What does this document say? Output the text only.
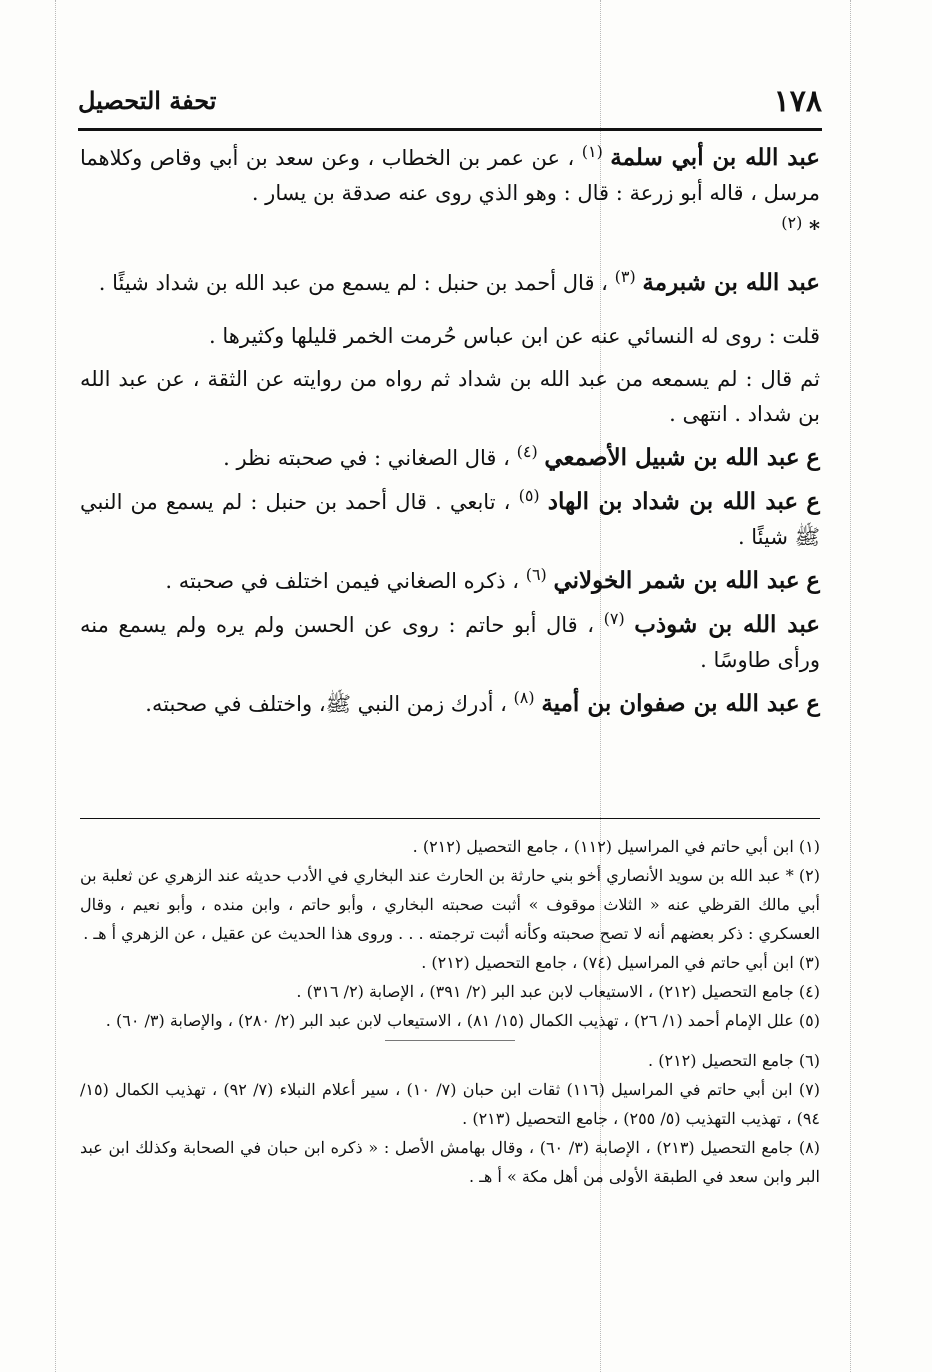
١٧٨
تحفة التحصيل

عبد الله بن أبي سلمة $^{(١)}$ ، عن عمر بن الخطاب ، وعن سعد بن أبي وقاص وكلاهما مرسل ، قاله أبو زرعة : قال : وهو الذي روى عنه صدقة بن يسار .
* $^{(٢)}$

عبد الله بن شبرمة $^{(٣)}$ ، قال أحمد بن حنبل : لم يسمع من عبد الله بن شداد شيئًا .

قلت : روى له النسائي عنه عن ابن عباس حُرمت الخمر قليلها وكثيرها .

ثم قال : لم يسمعه من عبد الله بن شداد ثم رواه من روايته عن الثقة ، عن عبد الله بن شداد . انتهى .

ع عبد الله بن شبيل الأصمعي $^{(٤)}$ ، قال الصغاني : في صحبته نظر .

ع عبد الله بن شداد بن الهاد $^{(٥)}$ ، تابعي . قال أحمد بن حنبل : لم يسمع من النبي ﷺ شيئًا .

ع عبد الله بن شمر الخولاني $^{(٦)}$ ، ذكره الصغاني فيمن اختلف في صحبته .

عبد الله بن شوذب $^{(٧)}$ ، قال أبو حاتم : روى عن الحسن ولم يره ولم يسمع منه ورأى طاوسًا .

ع عبد الله بن صفوان بن أمية $^{(٨)}$ ، أدرك زمن النبي ﷺ، واختلف في صحبته.

(١) ابن أبي حاتم في المراسيل (١١٢) ، جامع التحصيل (٢١٢) .

(٢) * عبد الله بن سويد الأنصاري أخو بني حارثة بن الحارث عند البخاري في الأدب حديثه عند الزهري عن ثعلبة بن أبي مالك القرظي عنه « الثلاث موقوف » أثبت صحبته البخاري ، وأبو حاتم ، وابن منده ، وأبو نعيم ، وقال العسكري : ذكر بعضهم أنه لا تصح صحبته وكأنه أثبت ترجمته . . . وروى هذا الحديث عن عقيل ، عن الزهري أ هـ .

(٣) ابن أبي حاتم في المراسيل (٧٤) ، جامع التحصيل (٢١٢) .

(٤) جامع التحصيل (٢١٢) ، الاستيعاب لابن عبد البر (٢/ ٣٩١) ، الإصابة (٢/ ٣١٦) .

(٥) علل الإمام أحمد (١/ ٢٦) ، تهذيب الكمال (١٥/ ٨١) ، الاستيعاب لابن عبد البر (٢/ ٢٨٠) ، والإصابة (٣/ ٦٠) .

(٦) جامع التحصيل (٢١٢) .

(٧) ابن أبي حاتم في المراسيل (١١٦) ثقات ابن حبان (٧/ ١٠) ، سير أعلام النبلاء (٧/ ٩٢) ، تهذيب الكمال (١٥/ ٩٤) ، تهذيب التهذيب (٥/ ٢٥٥) ، جامع التحصيل (٢١٣) .

(٨) جامع التحصيل (٢١٣) ، الإصابة (٣/ ٦٠) ، وقال بهامش الأصل : « ذكره ابن حبان في الصحابة وكذلك ابن عبد البر وابن سعد في الطبقة الأولى من أهل مكة » أ هـ .
